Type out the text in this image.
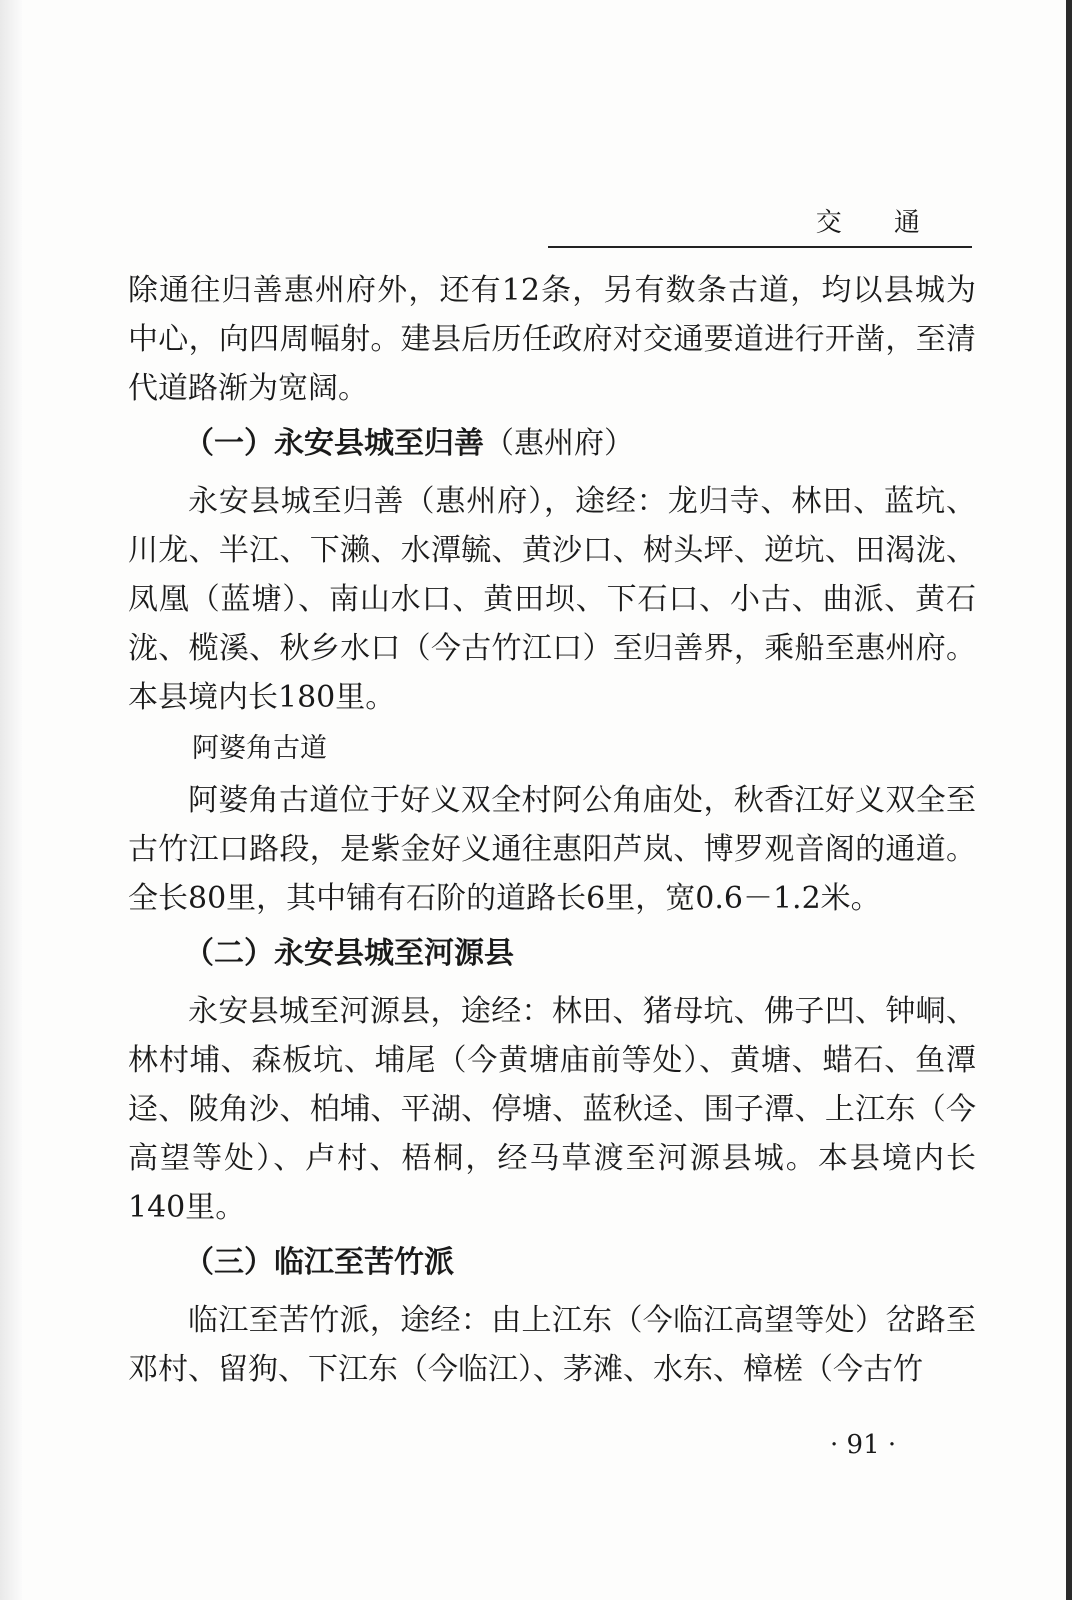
交 通

除通往归善惠州府外，还有12条，另有数条古道，均以县城为中心，向四周幅射。建县后历任政府对交通要道进行开凿，至清代道路渐为宽阔。

（一）永安县城至归善（惠州府）

永安县城至归善（惠州府），途经：龙归寺、林田、蓝坑、川龙、半江、下濑、水潭毓、黄沙口、树头坪、逆坑、田渴泷、凤凰（蓝塘）、南山水口、黄田坝、下石口、小古、曲派、黄石泷、榄溪、秋乡水口（今古竹江口）至归善界，乘船至惠州府。本县境内长180里。

阿婆角古道

阿婆角古道位于好义双全村阿公角庙处，秋香江好义双全至古竹江口路段，是紫金好义通往惠阳芦岚、博罗观音阁的通道。全长80里，其中铺有石阶的道路长6里，宽0.6－1.2米。

（二）永安县城至河源县

永安县城至河源县，途经：林田、猪母坑、佛子凹、钟峒、林村埔、森板坑、埔尾（今黄塘庙前等处）、黄塘、蜡石、鱼潭迳、陂角沙、柏埔、平湖、停塘、蓝秋迳、围子潭、上江东（今高望等处）、卢村、梧桐，经马草渡至河源县城。本县境内长140里。

（三）临江至苦竹派

临江至苦竹派，途经：由上江东（今临江高望等处）岔路至邓村、留狗、下江东（今临江）、茅滩、水东、樟槎（今古竹

· 91 ·
